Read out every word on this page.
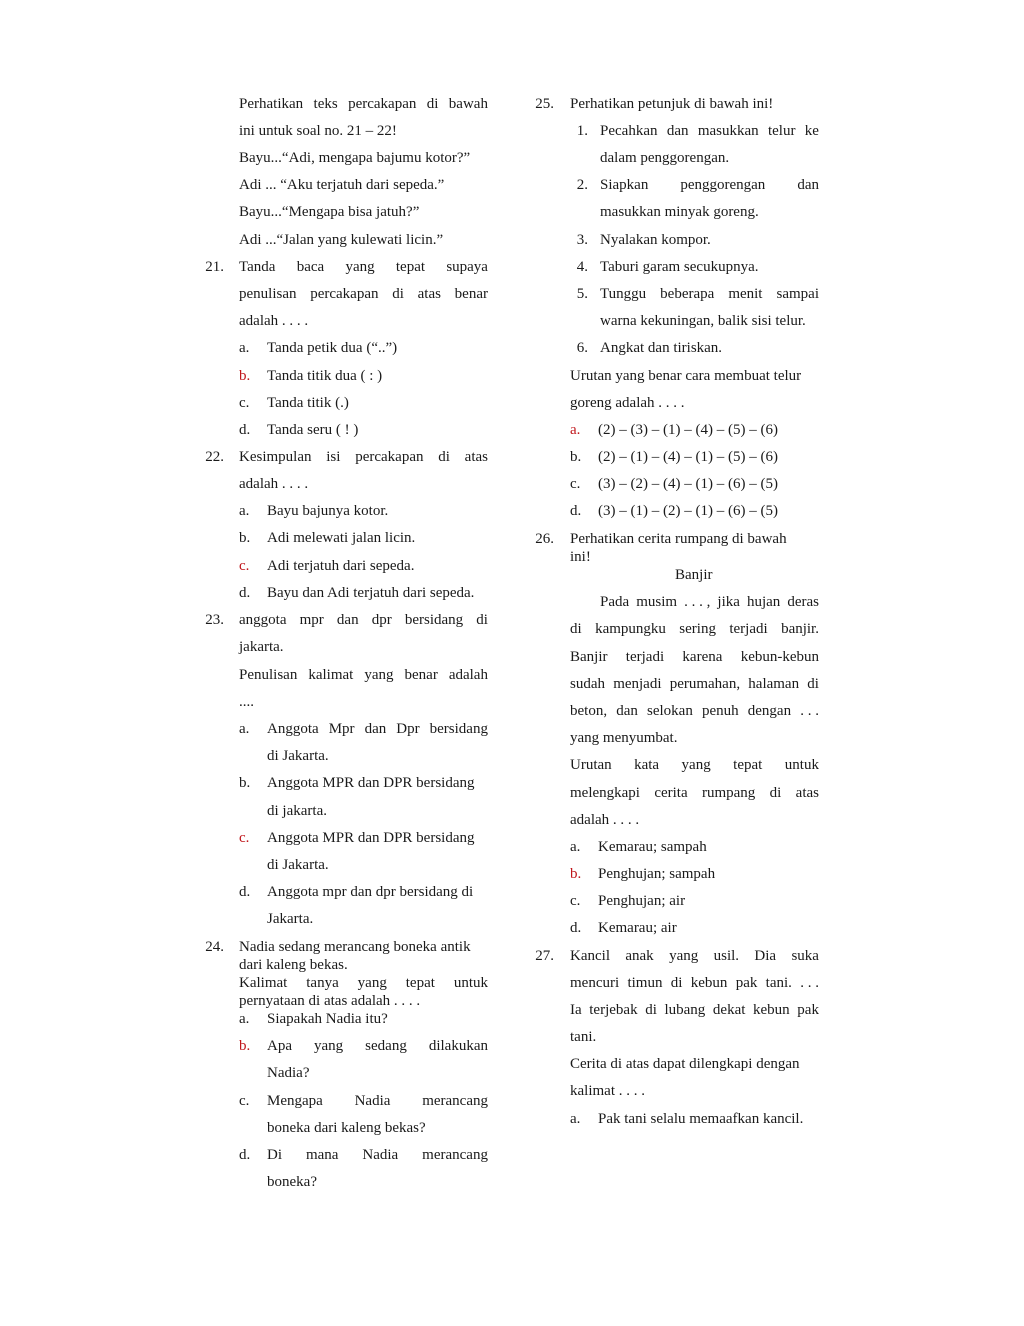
Perhatikan teks percakapan di bawah
ini untuk soal no. 21 – 22!
Bayu...“Adi, mengapa bajumu kotor?”
Adi ... “Aku terjatuh dari sepeda.”
Bayu...“Mengapa bisa jatuh?”
Adi ...“Jalan yang kulewati licin.”
21. Tanda baca yang tepat supaya
penulisan percakapan di atas benar
adalah . . . .
a. Tanda petik dua (“..”)
b. Tanda titik dua ( : )
c. Tanda titik (.)
d. Tanda seru ( ! )
22. Kesimpulan isi percakapan di atas
adalah . . . .
a. Bayu bajunya kotor.
b. Adi melewati jalan licin.
c. Adi terjatuh dari sepeda.
d. Bayu dan Adi terjatuh dari sepeda.
23. anggota mpr dan dpr bersidang di
jakarta.
Penulisan kalimat yang benar adalah
....
a. Anggota Mpr dan Dpr bersidang
di Jakarta.
b. Anggota MPR dan DPR bersidang
di jakarta.
c. Anggota MPR dan DPR bersidang
di Jakarta.
d. Anggota mpr dan dpr bersidang di
Jakarta.
24. Nadia sedang merancang boneka antik
dari kaleng bekas.
Kalimat tanya yang tepat untuk
pernyataan di atas adalah . . . .
a. Siapakah Nadia itu?
b. Apa yang sedang dilakukan
Nadia?
c. Mengapa Nadia merancang
boneka dari kaleng bekas?
d. Di mana Nadia merancang
boneka?
25. Perhatikan petunjuk di bawah ini!
1. Pecahkan dan masukkan telur ke
dalam penggorengan.
2. Siapkan penggorengan dan
masukkan minyak goreng.
3. Nyalakan kompor.
4. Taburi garam secukupnya.
5. Tunggu beberapa menit sampai
warna kekuningan, balik sisi telur.
6. Angkat dan tiriskan.
Urutan yang benar cara membuat telur
goreng adalah . . . .
a. (2) – (3) – (1) – (4) – (5) – (6)
b. (2) – (1) – (4) – (1) – (5) – (6)
c. (3) – (2) – (4) – (1) – (6) – (5)
d. (3) – (1) – (2) – (1) – (6) – (5)
26. Perhatikan cerita rumpang di bawah
ini!
Banjir
Pada musim . . . , jika hujan deras
di kampungku sering terjadi banjir.
Banjir terjadi karena kebun-kebun
sudah menjadi perumahan, halaman di
beton, dan selokan penuh dengan . . .
yang menyumbat.
Urutan kata yang tepat untuk
melengkapi cerita rumpang di atas
adalah . . . .
a. Kemarau; sampah
b. Penghujan; sampah
c. Penghujan; air
d. Kemarau; air
27. Kancil anak yang usil. Dia suka
mencuri timun di kebun pak tani. . . .
Ia terjebak di lubang dekat kebun pak
tani.
Cerita di atas dapat dilengkapi dengan
kalimat . . . .
a. Pak tani selalu memaafkan kancil.
